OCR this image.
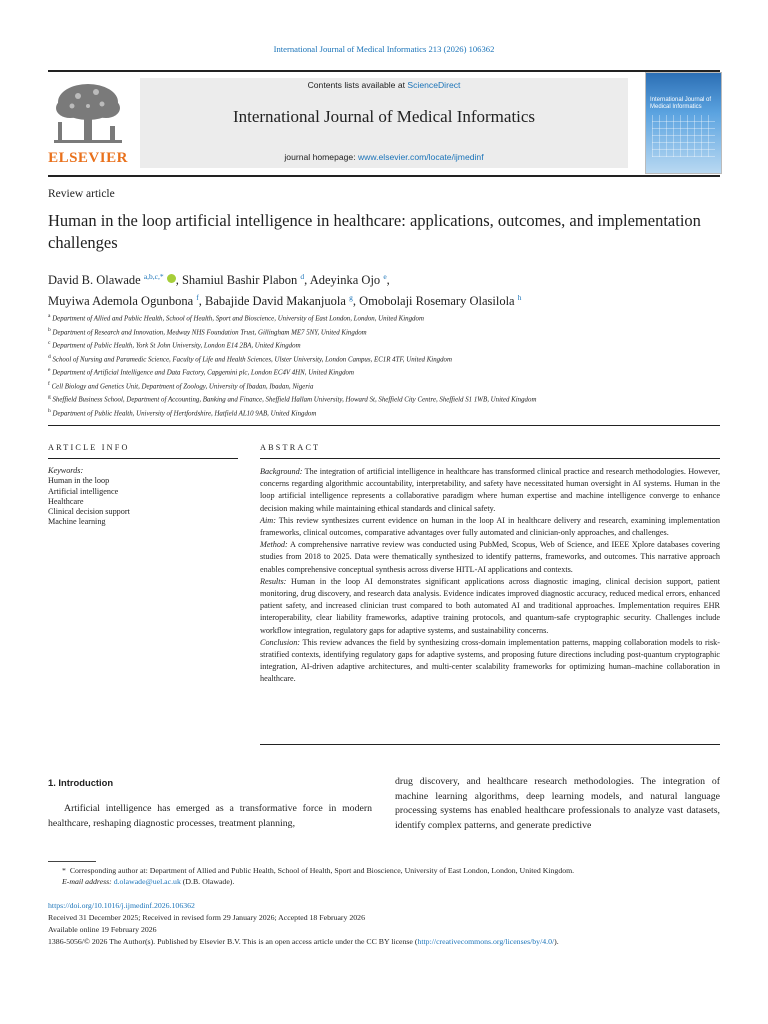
International Journal of Medical Informatics 213 (2026) 106362
ELSEVIER
Contents lists available at ScienceDirect
International Journal of Medical Informatics
journal homepage: www.elsevier.com/locate/ijmedinf
International Journal of Medical Informatics
Review article
Human in the loop artificial intelligence in healthcare: applications, outcomes, and implementation challenges
David B. Olawade $^{a,b,c,*}$ , Shamiul Bashir Plabon $^d$, Adeyinka Ojo $^e$,
Muyiwa Ademola Ogunbona $^f$, Babajide David Makanjuola $^g$, Omobolaji Rosemary Olasilola $^h$
$^a$ Department of Allied and Public Health, School of Health, Sport and Bioscience, University of East London, London, United Kingdom
$^b$ Department of Research and Innovation, Medway NHS Foundation Trust, Gillingham ME7 5NY, United Kingdom
$^c$ Department of Public Health, York St John University, London E14 2BA, United Kingdom
$^d$ School of Nursing and Paramedic Science, Faculty of Life and Health Sciences, Ulster University, London Campus, EC1R 4TF, United Kingdom
$^e$ Department of Artificial Intelligence and Data Factory, Capgemini plc, London EC4V 4HN, United Kingdom
$^f$ Cell Biology and Genetics Unit, Department of Zoology, University of Ibadan, Ibadan, Nigeria
$^g$ Sheffield Business School, Department of Accounting, Banking and Finance, Sheffield Hallam University, Howard St, Sheffield City Centre, Sheffield S1 1WB, United Kingdom
$^h$ Department of Public Health, University of Hertfordshire, Hatfield AL10 9AB, United Kingdom
ARTICLE INFO	ABSTRACT
Keywords:
Human in the loop
Artificial intelligence
Healthcare
Clinical decision support
Machine learning

Background: The integration of artificial intelligence in healthcare has transformed clinical practice and research methodologies. However, concerns regarding algorithmic accountability, interpretability, and safety have necessitated human oversight in AI systems. Human in the loop artificial intelligence represents a collaborative paradigm where human expertise and machine intelligence converge to enhance decision making while maintaining ethical standards and clinical safety.

Aim: This review synthesizes current evidence on human in the loop AI in healthcare delivery and research, examining implementation frameworks, clinical outcomes, comparative advantages over fully automated and clinician-only approaches, and challenges.

Method: A comprehensive narrative review was conducted using PubMed, Scopus, Web of Science, and IEEE Xplore databases covering studies from 2018 to 2025. Data were thematically synthesized to identify patterns, frameworks, and outcomes. This narrative approach enables comprehensive conceptual synthesis across diverse HITL-AI applications and contexts.

Results: Human in the loop AI demonstrates significant applications across diagnostic imaging, clinical decision support, patient monitoring, drug discovery, and research data analysis. Evidence indicates improved diagnostic accuracy, reduced medical errors, enhanced patient safety, and increased clinician trust compared to both automated AI and traditional approaches. Implementation requires EHR interoperability, clear liability frameworks, adaptive training protocols, and quantum-safe cryptographic security. Challenges include workflow integration, regulatory gaps for adaptive systems, and sustainability concerns.

Conclusion: This review advances the field by synthesizing cross-domain implementation patterns, mapping collaboration models to risk-stratified contexts, identifying regulatory gaps for adaptive systems, and proposing future directions including post-quantum cryptographic integration, AI-driven adaptive architectures, and multi-center scalability frameworks for optimizing human–machine collaboration in healthcare.

1. Introduction
Artificial intelligence has emerged as a transformative force in modern healthcare, reshaping diagnostic processes, treatment planning,
drug discovery, and healthcare research methodologies. The integration of machine learning algorithms, deep learning models, and natural language processing systems has enabled healthcare professionals to analyze vast datasets, identify complex patterns, and generate predictive
* Corresponding author at: Department of Allied and Public Health, School of Health, Sport and Bioscience, University of East London, London, United Kingdom.
E-mail address: d.olawade@uel.ac.uk (D.B. Olawade).
https://doi.org/10.1016/j.ijmedinf.2026.106362
Received 31 December 2025; Received in revised form 29 January 2026; Accepted 18 February 2026
Available online 19 February 2026
1386-5056/© 2026 The Author(s). Published by Elsevier B.V. This is an open access article under the CC BY license (http://creativecommons.org/licenses/by/4.0/).
